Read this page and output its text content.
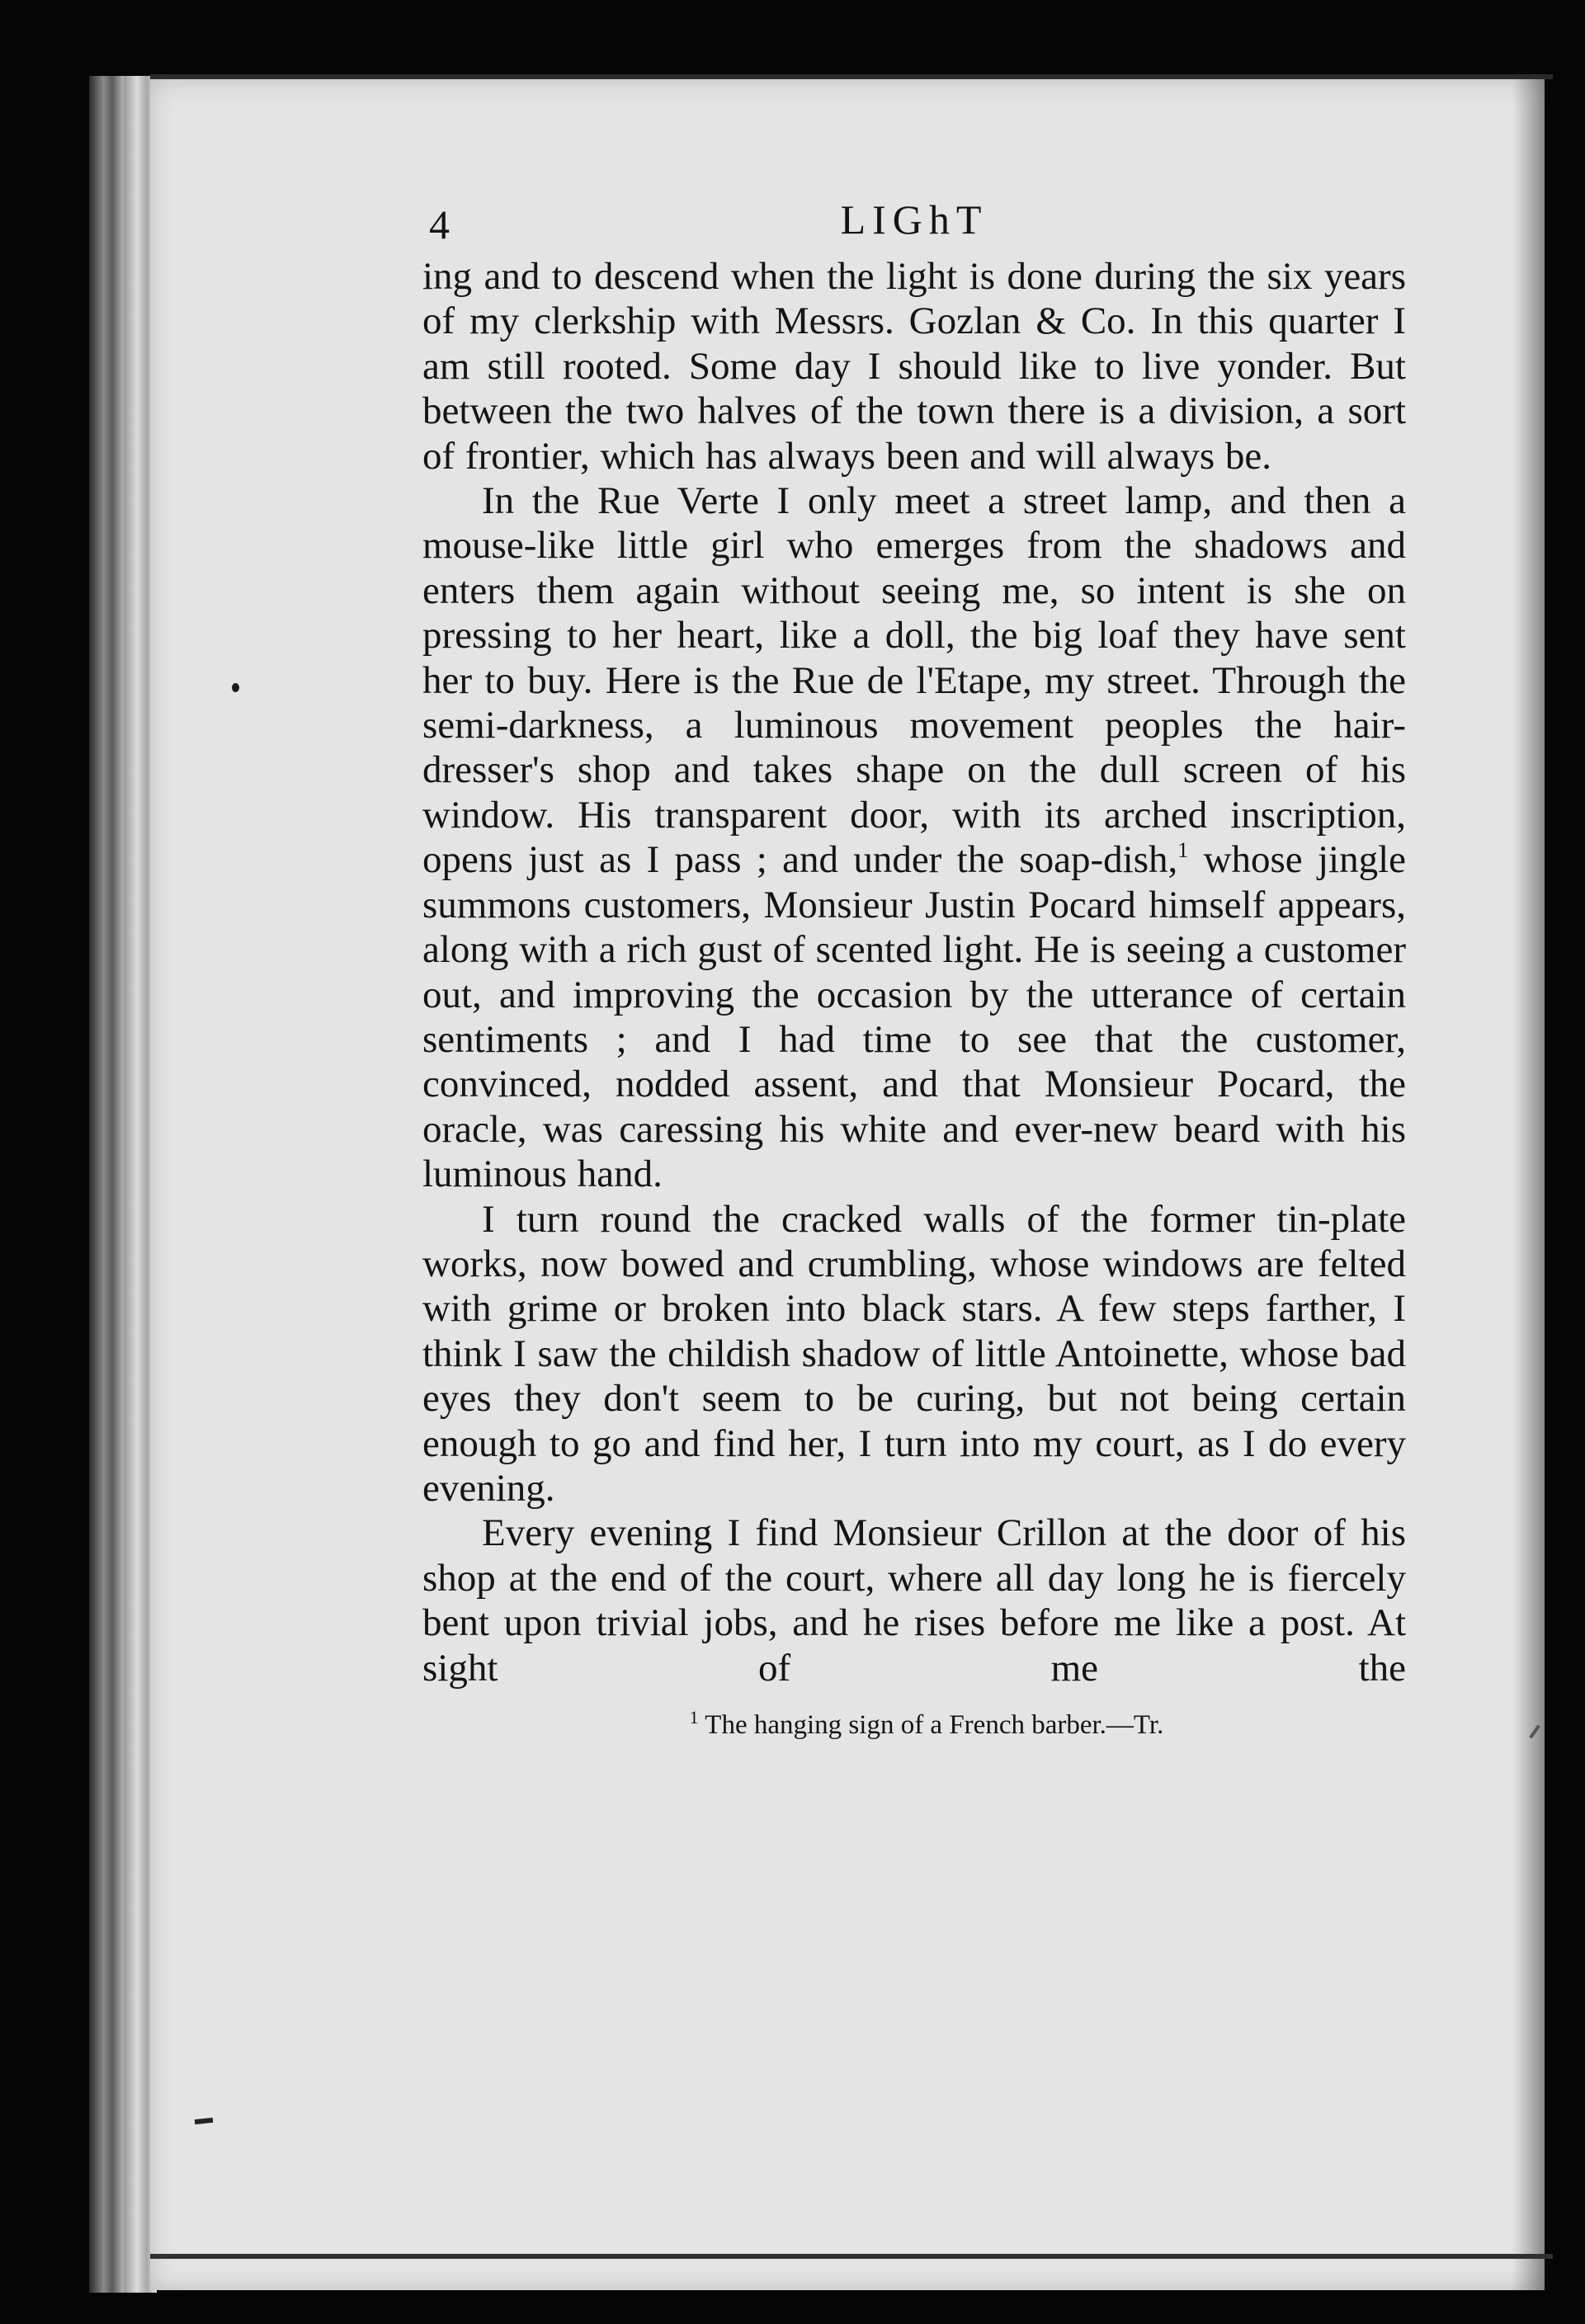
4	LIGhT

ing and to descend when the light is done during the six years of my clerkship with Messrs. Gozlan & Co. In this quarter I am still rooted. Some day I should like to live yonder. But between the two halves of the town there is a division, a sort of frontier, which has always been and will always be.

In the Rue Verte I only meet a street lamp, and then a mouse-like little girl who emerges from the shadows and enters them again without seeing me, so intent is she on pressing to her heart, like a doll, the big loaf they have sent her to buy. Here is the Rue de l'Etape, my street. Through the semi-darkness, a luminous movement peoples the hair-dresser's shop and takes shape on the dull screen of his window. His transparent door, with its arched inscription, opens just as I pass ; and under the soap-dish,$^1$ whose jingle summons customers, Monsieur Justin Pocard himself appears, along with a rich gust of scented light. He is seeing a customer out, and improving the occasion by the utterance of certain sentiments ; and I had time to see that the customer, convinced, nodded assent, and that Monsieur Pocard, the oracle, was caressing his white and ever-new beard with his luminous hand.

I turn round the cracked walls of the former tin-plate works, now bowed and crumbling, whose windows are felted with grime or broken into black stars. A few steps farther, I think I saw the childish shadow of little Antoinette, whose bad eyes they don't seem to be curing, but not being certain enough to go and find her, I turn into my court, as I do every evening.

Every evening I find Monsieur Crillon at the door of his shop at the end of the court, where all day long he is fiercely bent upon trivial jobs, and he rises before me like a post. At sight of me the

$^1$ The hanging sign of a French barber.—Tr.
